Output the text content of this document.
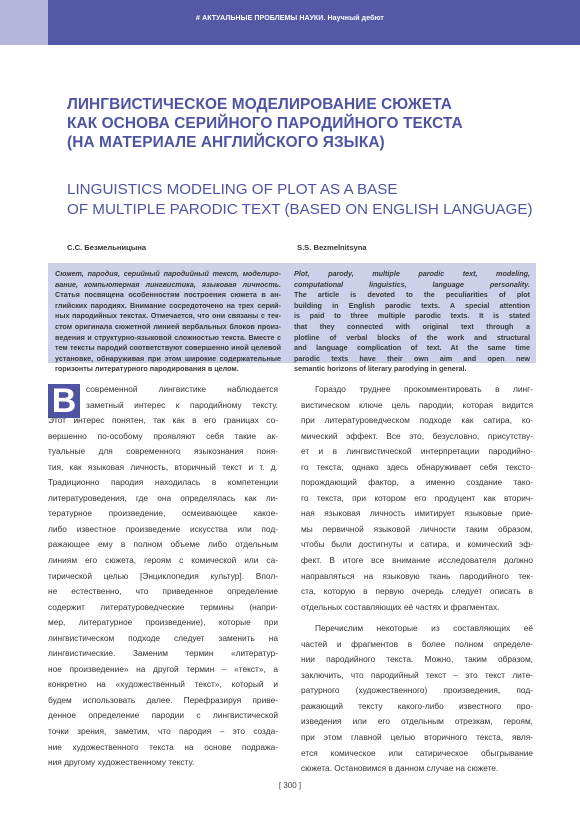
# АКТУАЛЬНЫЕ ПРОБЛЕМЫ НАУКИ. Научный дебют
ЛИНГВИСТИЧЕСКОЕ МОДЕЛИРОВАНИЕ СЮЖЕТА
КАК ОСНОВА СЕРИЙНОГО ПАРОДИЙНОГО ТЕКСТА
(НА МАТЕРИАЛЕ АНГЛИЙСКОГО ЯЗЫКА)
LINGUISTICS MODELING OF PLOT AS A BASE
OF MULTIPLE PARODIC TEXT (BASED ON ENGLISH LANGUAGE)
С.С. Безмельницына	S.S. Bezmelnitsyna
Сюжет, пародия, серийный пародийный текст, моделиро-
вание, компьютерная лингвистика, языковая личность.
Статья посвящена особенностям построения сюжета в ан-
глийских пародиях. Внимание сосредоточено на трех серий-
ных пародийных текстах. Отмечается, что они связаны с тек-
стом оригинала сюжетной линией вербальных блоков произ-
ведения и структурно-языковой сложностью текста. Вместе с
тем тексты пародий соответствуют совершенно иной целевой
установке, обнаруживая при этом широкие содержательные
горизонты литературного пародирования в целом.
Plot, parody, multiple parodic text, modeling,
computational linguistics, language personality.
The article is devoted to the peculiarities of plot
building in English parodic texts. A special attention
is paid to three multiple parodic texts. It is stated
that they connected with original text through a
plotline of verbal blocks of the work and structural
and language complication of text. At the same time
parodic texts have their own aim and open new
semantic horizons of literary parodying in general.
В	современной лингвистике наблюдается
заметный интерес к пародийному тексту.
Этот интерес понятен, так как в его границах со-
вершенно по-особому проявляют себя такие ак-
туальные для современного языкознания поня-
тия, как языковая личность, вторичный текст и т. д.
Традиционно пародия находилась в компетенции
литературоведения, где она определялась как ли-
тературное произведение, осмеивающее какое-
либо известное произведение искусства или под-
ражающее ему в полном объеме либо отдельным
линиям его сюжета, героям с комической или са-
тирической целью [Энциклопедия культур]. Впол-
не естественно, что приведенное определение
содержит литературоведческие термины (напри-
мер, литературное произведение), которые при
лингвистическом подходе следует заменить на
лингвистические. Заменим термин «литератур-
ное произведение» на другой термин – «текст», а
конкретно на «художественный текст», который и
будем использовать далее. Перефразируя приве-
денное определение пародии с лингвистической
точки зрения, заметим, что пародия – это созда-
ние художественного текста на основе подража-
ния другому художественному тексту.
Гораздо труднее прокомментировать в линг-
вистическом ключе цель пародии, которая видится
при литературоведческом подходе как сатира, ко-
мический эффект. Все это, безусловно, присутству-
ет и в лингвистической интерпретации пародийно-
го текста, однако здесь обнаруживает себя тексто-
порождающий фактор, а именно создание тако-
го текста, при котором его продуцент как вторич-
ная языковая личность имитирует языковые прие-
мы первичной языковой личности таким образом,
чтобы были достигнуты и сатира, и комический эф-
фект. В итоге все внимание исследователя должно
направляться на языковую ткань пародийного тек-
ста, которую в первую очередь следует описать в
отдельных составляющих её частях и фрагментах.
Перечислим некоторые из составляющих её
частей и фрагментов в более полном определе-
нии пародийного текста. Можно, таким образом,
заключить, что пародийный текст – это текст лите-
ратурного (художественного) произведения, под-
ражающий тексту какого-либо известного про-
изведения или его отдельным отрезкам, героям,
при этом главной целью вторичного текста, явля-
ется комическое или сатирическое обыгрывание
сюжета. Остановимся в данном случае на сюжете.
[ 300 ]
